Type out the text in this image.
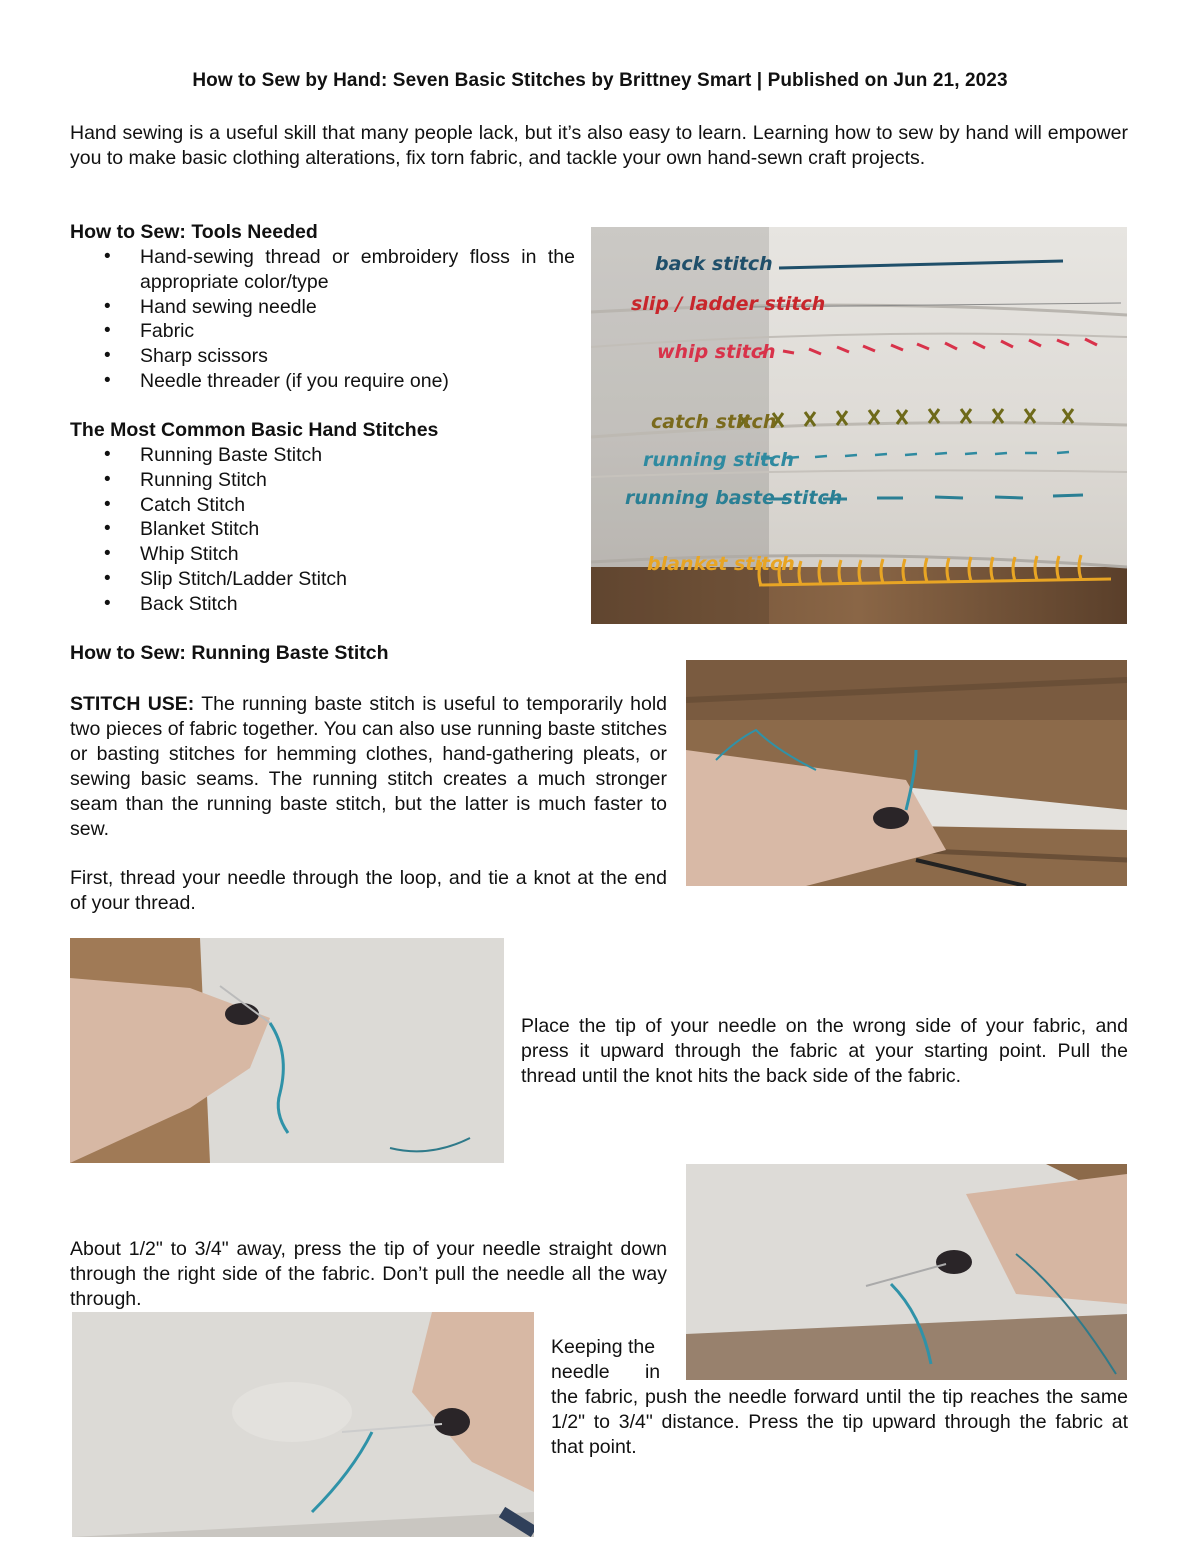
How to Sew by Hand: Seven Basic Stitches by Brittney Smart | Published on Jun 21, 2023

Hand sewing is a useful skill that many people lack, but it’s also easy to learn. Learning how to sew by hand will empower you to make basic clothing alterations, fix torn fabric, and tackle your own hand-sewn craft projects.

How to Sew: Tools Needed

• Hand-sewing thread or embroidery floss in the appropriate color/type
• Hand sewing needle
• Fabric
• Sharp scissors
• Needle threader (if you require one)

The Most Common Basic Hand Stitches

• Running Baste Stitch
• Running Stitch
• Catch Stitch
• Blanket Stitch
• Whip Stitch
• Slip Stitch/Ladder Stitch
• Back Stitch
back stitch
slip / ladder stitch
whip stitch
catch stitch
running stitch
running baste stitch
blanket stitch

How to Sew: Running Baste Stitch

STITCH USE: The running baste stitch is useful to temporarily hold two pieces of fabric together. You can also use running baste stitches or basting stitches for hemming clothes, hand-gathering pleats, or sewing basic seams. The running stitch creates a much stronger seam than the running baste stitch, but the latter is much faster to sew.

First, thread your needle through the loop, and tie a knot at the end of your thread.

Place the tip of your needle on the wrong side of your fabric, and press it upward through the fabric at your starting point. Pull the thread until the knot hits the back side of the fabric.

About 1/2" to 3/4" away, press the tip of your needle straight down through the right side of the fabric. Don’t pull the needle all the way through.

Keeping the

needle in

the fabric, push the needle forward until the tip reaches the same 1/2" to 3/4" distance. Press the tip upward through the fabric at that point.
